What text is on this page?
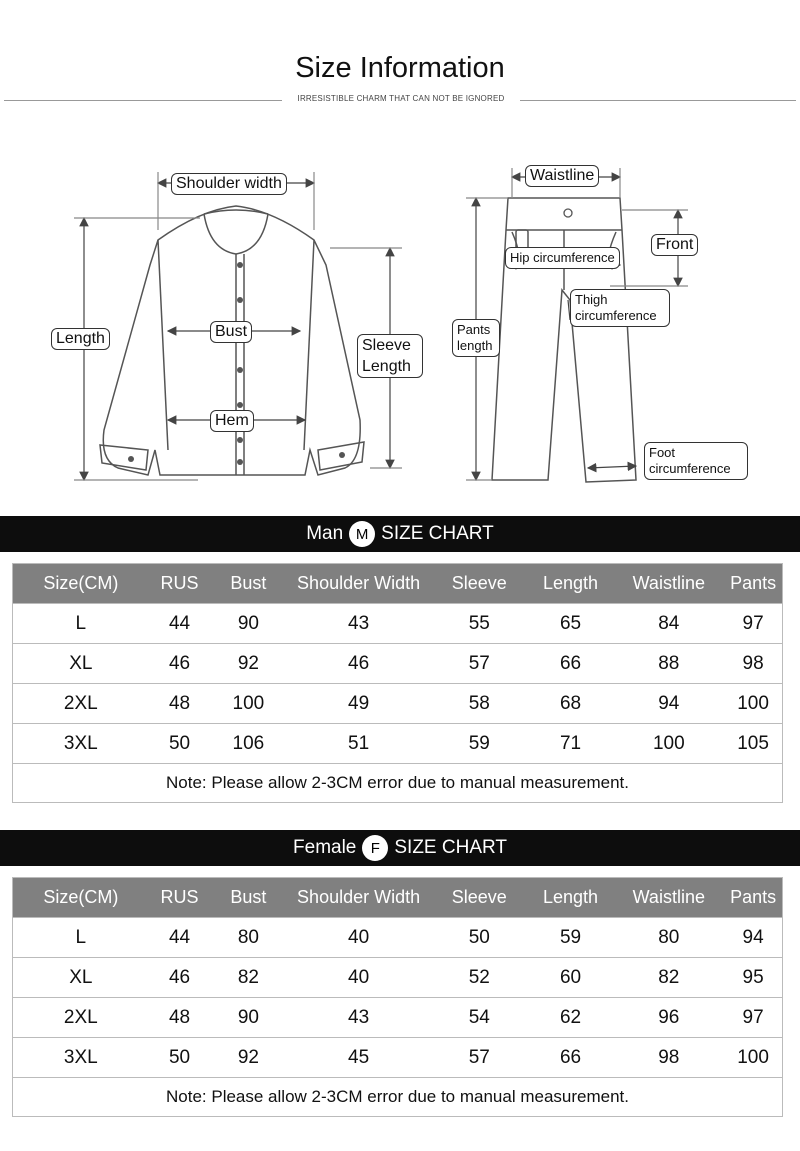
Size Information
IRRESISTIBLE CHARM THAT CAN NOT BE IGNORED
Shoulder width
Length	Bust
Hem
Sleeve Length
Waistline
Front
Hip circumference
Thigh circumference
Pants length
Foot circumference
Man M SIZE CHART
Size(CM)	RUS	Bust	Shoulder Width	Sleeve	Length	Waistline	Pants
L	44	90	43	55	65	84	97
XL	46	92	46	57	66	88	98
2XL	48	100	49	58	68	94	100
3XL	50	106	51	59	71	100	105
Note: Please allow 2-3CM error due to manual measurement.
Female F SIZE CHART
Size(CM)	RUS	Bust	Shoulder Width	Sleeve	Length	Waistline	Pants
L	44	80	40	50	59	80	94
XL	46	82	40	52	60	82	95
2XL	48	90	43	54	62	96	97
3XL	50	92	45	57	66	98	100
Note: Please allow 2-3CM error due to manual measurement.
